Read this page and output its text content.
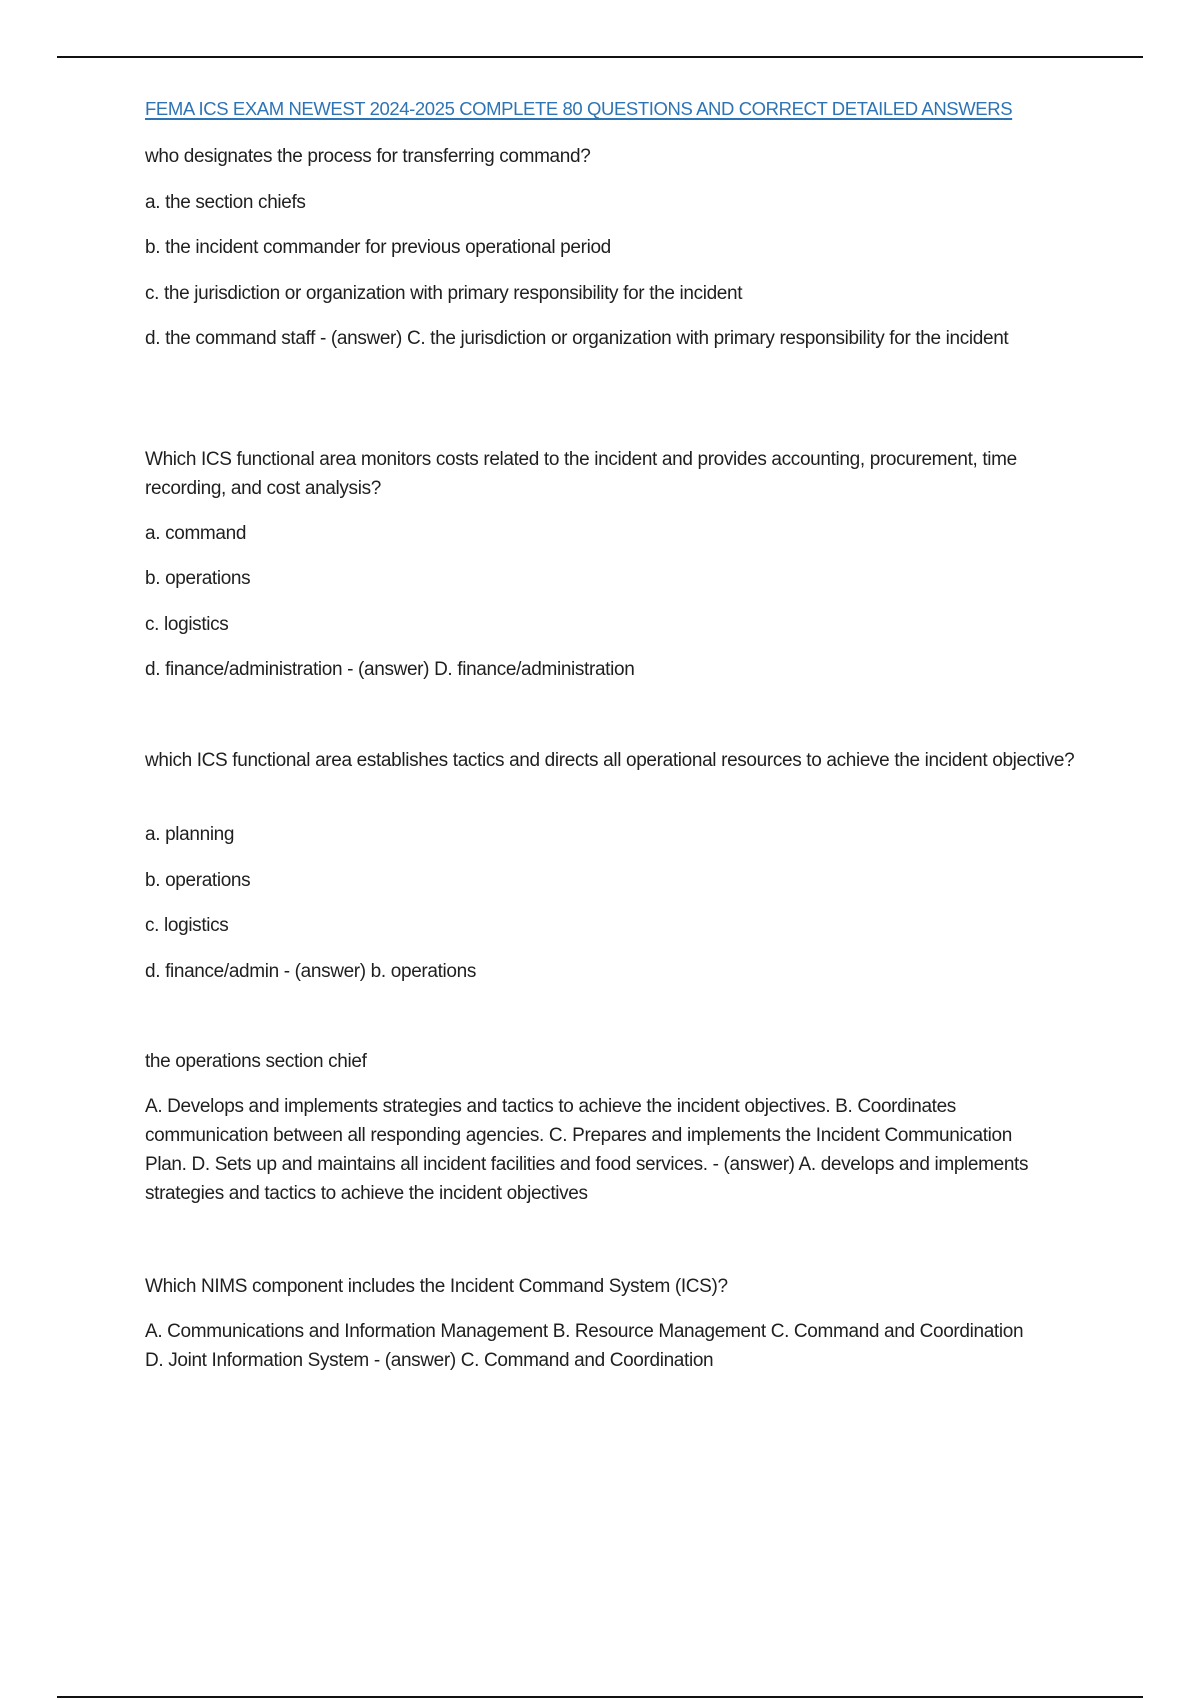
FEMA ICS EXAM NEWEST 2024-2025 COMPLETE 80 QUESTIONS AND CORRECT DETAILED ANSWERS
who designates the process for transferring command?
a. the section chiefs
b. the incident commander for previous operational period
c. the jurisdiction or organization with primary responsibility for the incident
d. the command staff - (answer) C. the jurisdiction or organization with primary responsibility for the incident
Which ICS functional area monitors costs related to the incident and provides accounting, procurement, time recording, and cost analysis?
a. command
b. operations
c. logistics
d. finance/administration - (answer) D. finance/administration
which ICS functional area establishes tactics and directs all operational resources to achieve the incident objective?
a. planning
b. operations
c. logistics
d. finance/admin - (answer) b. operations
the operations section chief
A. Develops and implements strategies and tactics to achieve the incident objectives. B. Coordinates communication between all responding agencies. C. Prepares and implements the Incident Communication Plan. D. Sets up and maintains all incident facilities and food services. - (answer) A. develops and implements strategies and tactics to achieve the incident objectives
Which NIMS component includes the Incident Command System (ICS)?
A. Communications and Information Management B. Resource Management C. Command and Coordination D. Joint Information System - (answer) C. Command and Coordination
